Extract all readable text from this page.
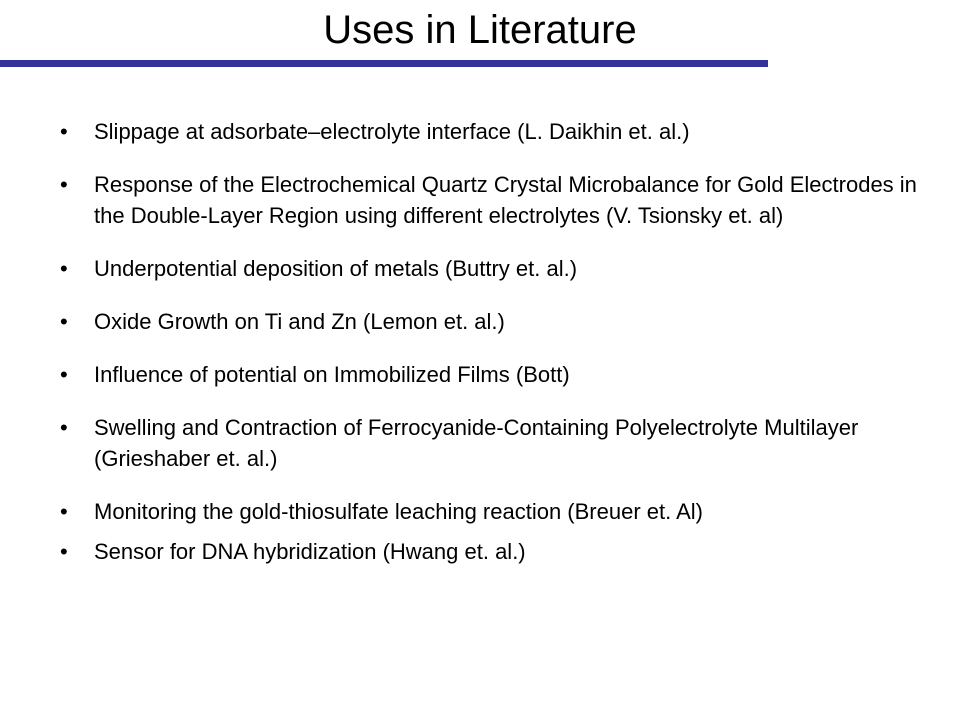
Uses in Literature
•	Slippage at adsorbate–electrolyte interface (L. Daikhin et. al.)
•	Response of the Electrochemical Quartz Crystal Microbalance for Gold Electrodes in the Double-Layer Region using different electrolytes (V. Tsionsky et. al)
•	Underpotential deposition of metals (Buttry et. al.)
•	Oxide Growth on Ti and Zn (Lemon et. al.)
•	Influence of potential on Immobilized Films (Bott)
•	Swelling and Contraction of Ferrocyanide-Containing Polyelectrolyte Multilayer (Grieshaber et. al.)
•	Monitoring the gold-thiosulfate leaching reaction (Breuer et. Al)
•	Sensor for DNA hybridization (Hwang et. al.)
